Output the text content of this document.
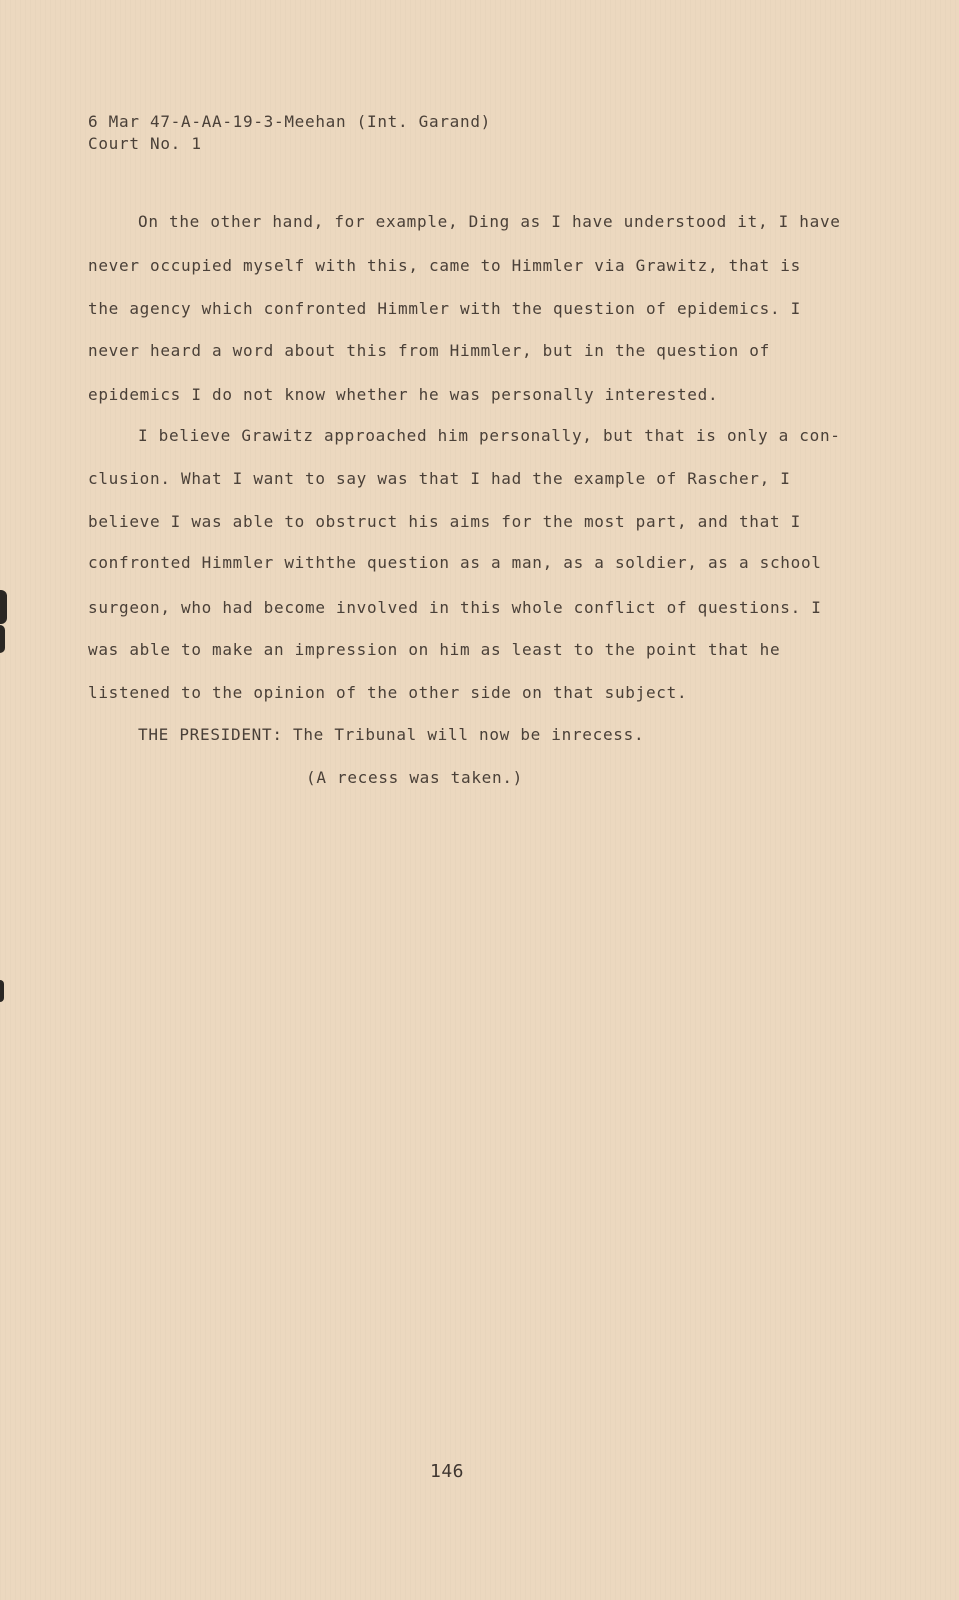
6 Mar 47-A-AA-19-3-Meehan (Int. Garand)
Court No. 1
On the other hand, for example, Ding as I have understood it, I have
never occupied myself with this, came to Himmler via Grawitz, that is
the agency which confronted Himmler with the question of epidemics. I
never heard a word about this from Himmler, but in the question of
epidemics I do not know whether he was personally interested.
I believe Grawitz approached him personally, but that is only a con-
clusion. What I want to say was that I had the example of Rascher, I
believe I was able to obstruct his aims for the most part, and that I
confronted Himmler withthe question as a man, as a soldier, as a school
surgeon, who had become involved in this whole conflict of questions. I
was able to make an impression on him as least to the point that he
listened to the opinion of the other side on that subject.
THE PRESIDENT: The Tribunal will now be inrecess.
(A recess was taken.)
146
